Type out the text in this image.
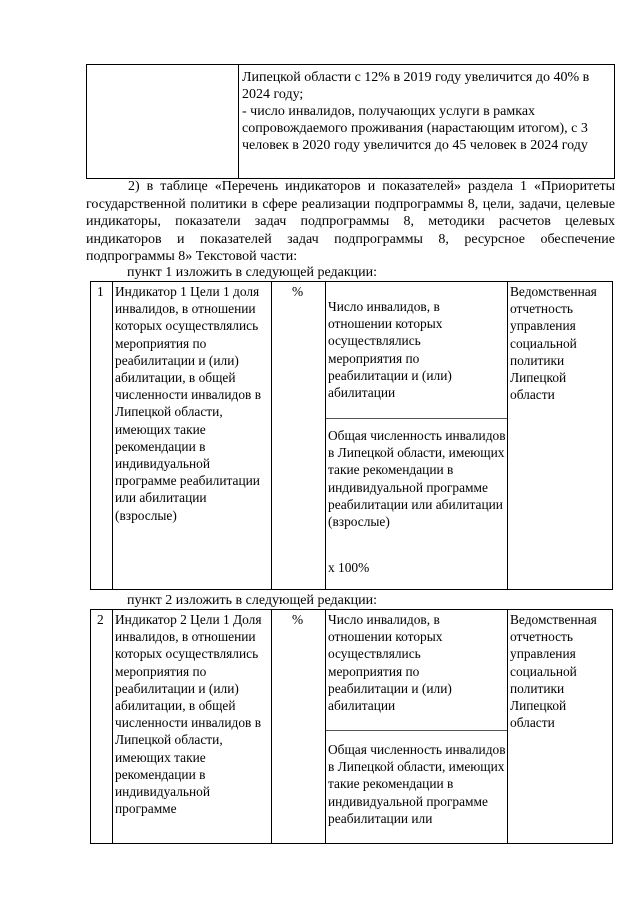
Липецкой области с 12% в 2019 году увеличится до 40% в 2024 году;
- число инвалидов, получающих услуги в рамках сопровождаемого проживания (нарастающим итогом), с 3 человек в 2020 году увеличится до 45 человек в 2024 году
2) в таблице «Перечень индикаторов и показателей» раздела 1 «Приоритеты государственной политики в сфере реализации подпрограммы 8, цели, задачи, целевые индикаторы, показатели задач подпрограммы 8, методики расчетов целевых индикаторов и показателей задач подпрограммы 8, ресурсное обеспечение подпрограммы 8» Текстовой части:
пункт 1 изложить в следующей редакции:
1 Индикатор 1 Цели 1 доля инвалидов, в отношении которых осуществлялись мероприятия по реабилитации и (или) абилитации, в общей численности инвалидов в Липецкой области, имеющих такие рекомендации в индивидуальной программе реабилитации или абилитации (взрослые)
%
Число инвалидов, в отношении которых осуществлялись мероприятия по реабилитации и (или) абилитации
Общая численность инвалидов в Липецкой области, имеющих такие рекомендации в индивидуальной программе реабилитации или абилитации (взрослые)
х 100%
Ведомственная отчетность управления социальной политики Липецкой области
пункт 2 изложить в следующей редакции:
2 Индикатор 2 Цели 1 Доля инвалидов, в отношении которых осуществлялись мероприятия по реабилитации и (или) абилитации, в общей численности инвалидов в Липецкой области, имеющих такие рекомендации в индивидуальной программе
% Число инвалидов, в отношении которых осуществлялись мероприятия по реабилитации и (или) абилитации
Общая численность инвалидов в Липецкой области, имеющих такие рекомендации в индивидуальной программе реабилитации или
Ведомственная отчетность управления социальной политики Липецкой области
